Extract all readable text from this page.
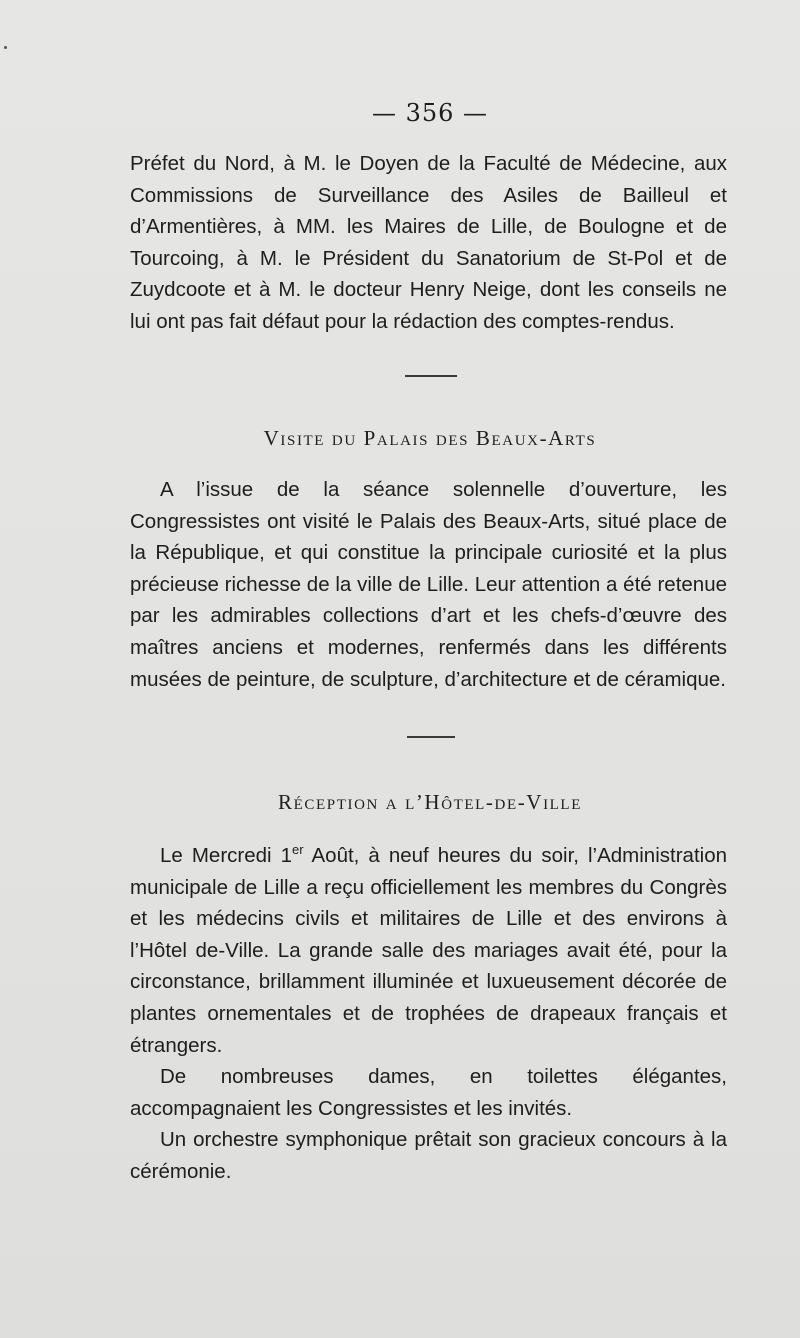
— 356 —

Préfet du Nord, à M. le Doyen de la Faculté de Médecine, aux Commissions de Surveillance des Asiles de Bailleul et d’Armentières, à MM. les Maires de Lille, de Boulogne et de Tourcoing, à M. le Président du Sanatorium de St-Pol et de Zuydcoote et à M. le docteur Henry Neige, dont les conseils ne lui ont pas fait défaut pour la rédaction des comptes-rendus.

Visite du Palais des Beaux-Arts

A l’issue de la séance solennelle d’ouverture, les Congressistes ont visité le Palais des Beaux-Arts, situé place de la République, et qui constitue la principale curiosité et la plus précieuse richesse de la ville de Lille. Leur attention a été retenue par les admirables collections d’art et les chefs-d’œuvre des maîtres anciens et modernes, renfermés dans les différents musées de peinture, de sculpture, d’architecture et de céramique.

Réception a l’Hôtel-de-Ville

Le Mercredi 1er Août, à neuf heures du soir, l’Administration municipale de Lille a reçu officiellement les membres du Congrès et les médecins civils et militaires de Lille et des environs à l’Hôtel de-Ville. La grande salle des mariages avait été, pour la circonstance, brillamment illuminée et luxueusement décorée de plantes ornementales et de trophées de drapeaux français et étrangers.

De nombreuses dames, en toilettes élégantes, accompagnaient les Congressistes et les invités.

Un orchestre symphonique prêtait son gracieux concours à la cérémonie.
